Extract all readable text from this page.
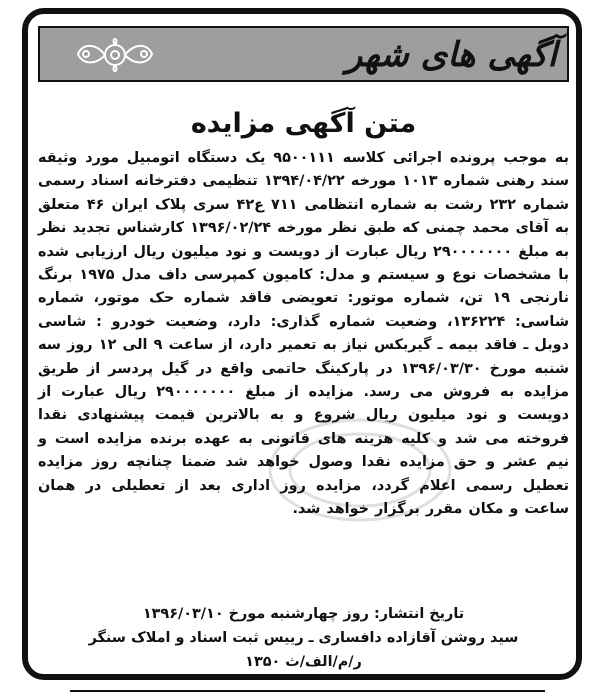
آگهی های شهر
متن آگهی مزایده
به موجب پرونده اجرائی کلاسه ۹۵۰۰۱۱۱ یک دستگاه اتومبیل مورد وثیقه سند رهنی شماره ۱۰۱۳ مورخه ۱۳۹۴/۰۴/۲۲ تنظیمی دفترخانه اسناد رسمی شماره ۲۳۲ رشت به شماره انتظامی ۷۱۱ ع۴۲ سری پلاک ایران ۴۶ متعلق به آقای محمد چمنی که طبق نظر مورخه ۱۳۹۶/۰۲/۲۴ کارشناس تجدید نظر به مبلغ ۲۹۰۰۰۰۰۰۰ ریال عبارت از دویست و نود میلیون ریال ارزیابی شده با مشخصات نوع و سیستم و مدل: کامیون کمپرسی داف مدل ۱۹۷۵ برنگ نارنجی ۱۹ تن، شماره موتور: تعویضی فاقد شماره حک موتور، شماره شاسی: ۱۳۶۲۲۴، وضعیت شماره گذاری: دارد، وضعیت خودرو : شاسی دوبل ـ فاقد بیمه ـ گیربکس نیاز به تعمیر دارد، از ساعت ۹ الی ۱۲ روز سه شنبه مورخ ۱۳۹۶/۰۳/۳۰ در پارکینگ حاتمی واقع در گیل پردسر از طریق مزایده به فروش می رسد. مزایده از مبلغ ۲۹۰۰۰۰۰۰۰ ریال عبارت از دویست و نود میلیون ریال شروع و به بالاترین قیمت پیشنهادی نقدا فروخته می شد و کلیه هزینه های قانونی به عهده برنده مزایده است و نیم عشر و حق مزایده نقدا وصول خواهد شد ضمنا چنانچه روز مزایده تعطیل رسمی اعلام گردد، مزایده روز اداری بعد از تعطیلی در همان ساعت و مکان مقرر برگزار خواهد شد.
تاریخ انتشار: روز چهارشنبه مورخ ۱۳۹۶/۰۳/۱۰
سید روشن آقازاده دافساری ـ رییس ثبت اسناد و املاک سنگر
ر/م/الف/ث ۱۳۵۰
